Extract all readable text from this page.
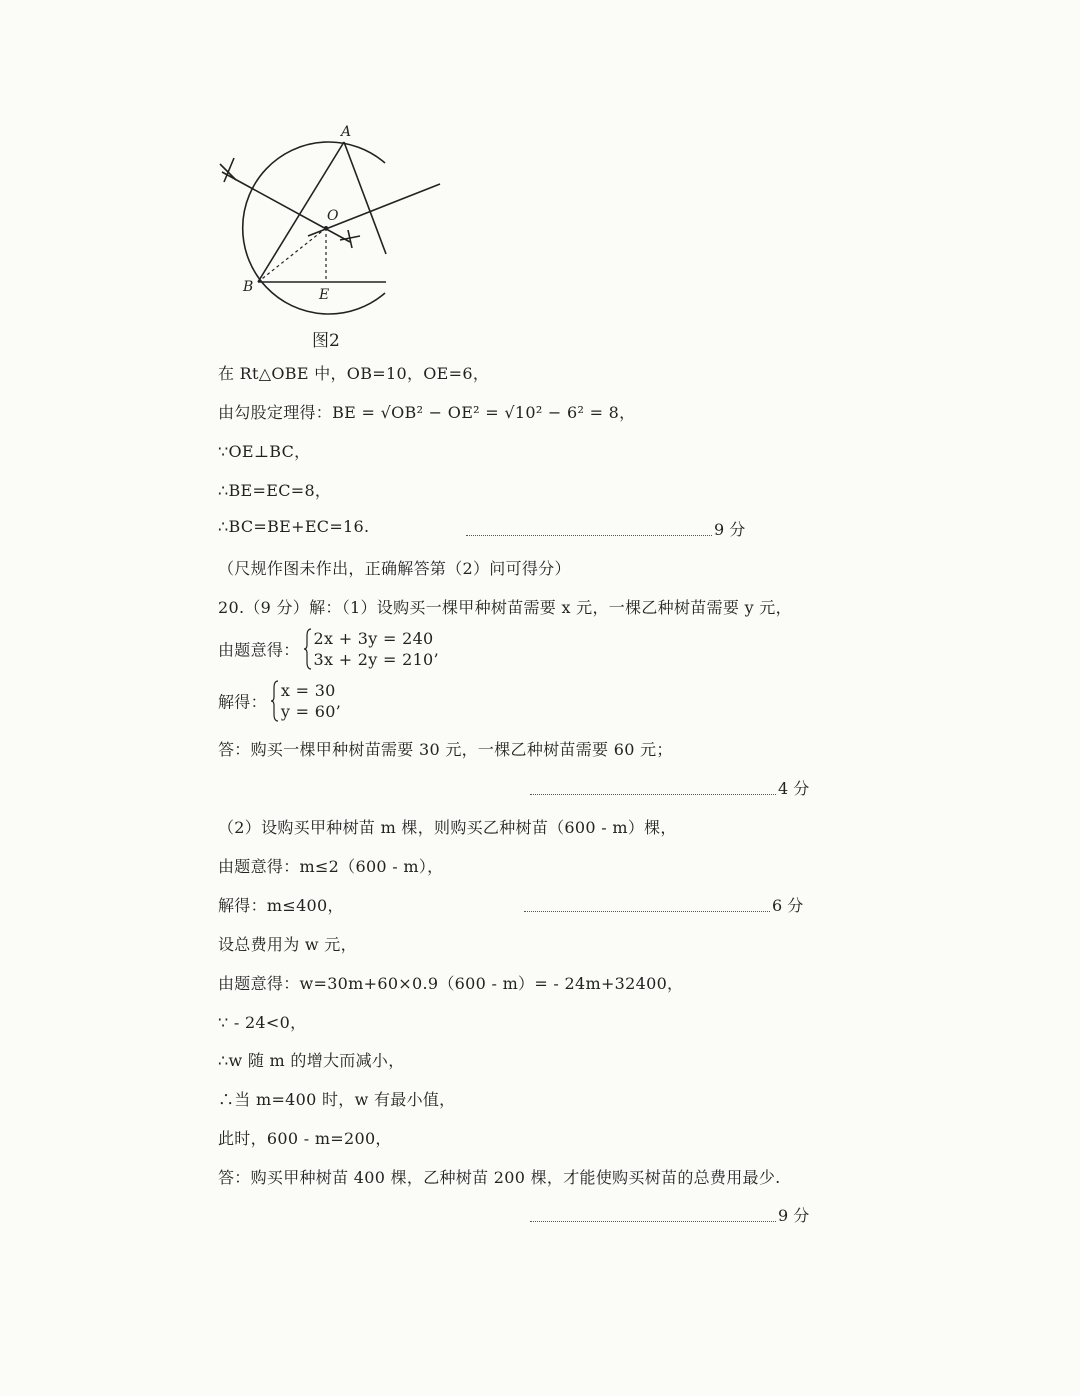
A
O
B	E
图2
在 Rt△OBE 中，OB=10，OE=6，
由勾股定理得：BE = √OB² − OE² = √10² − 6² = 8，
∵OE⊥BC，
∴BE=EC=8，
∴BC=BE+EC=16.	9 分
（尺规作图未作出，正确解答第（2）问可得分）
20.（9 分）解：（1）设购买一棵甲种树苗需要 x 元，一棵乙种树苗需要 y 元，
由题意得：
2x + 3y = 240
3x + 2y = 210’
解得：
x = 30
y = 60’
答：购买一棵甲种树苗需要 30 元，一棵乙种树苗需要 60 元；
4 分
（2）设购买甲种树苗 m 棵，则购买乙种树苗（600 - m）棵，
由题意得：m≤2（600 - m），
解得：m≤400，	6 分
设总费用为 w 元，
由题意得：w=30m+60×0.9（600 - m）= - 24m+32400，
∵ - 24<0，
∴w 随 m 的增大而减小，
∴当 m=400 时，w 有最小值，
此时，600 - m=200，
答：购买甲种树苗 400 棵，乙种树苗 200 棵，才能使购买树苗的总费用最少.
9 分
